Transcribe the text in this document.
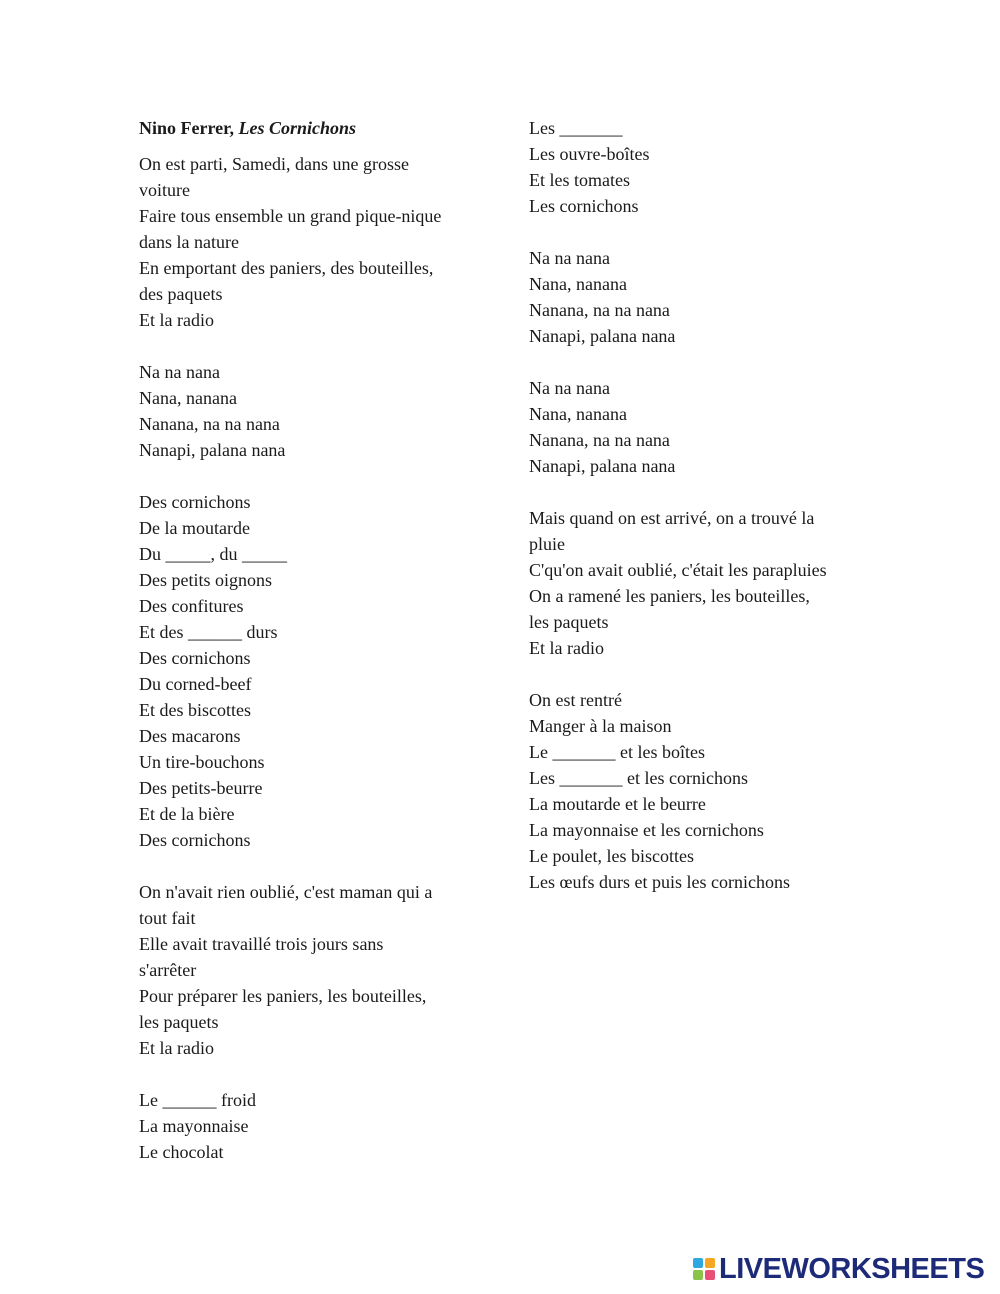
Nino Ferrer, Les Cornichons
On est parti, Samedi, dans une grosse
voiture
Faire tous ensemble un grand pique-nique
dans la nature
En emportant des paniers, des bouteilles,
des paquets
Et la radio
Na na nana
Nana, nanana
Nanana, na na nana
Nanapi, palana nana
Des cornichons
De la moutarde
Du _____, du _____
Des petits oignons
Des confitures
Et des ______ durs
Des cornichons
Du corned-beef
Et des biscottes
Des macarons
Un tire-bouchons
Des petits-beurre
Et de la bière
Des cornichons
On n'avait rien oublié, c'est maman qui a
tout fait
Elle avait travaillé trois jours sans
s'arrêter
Pour préparer les paniers, les bouteilles,
les paquets
Et la radio
Le ______ froid
La mayonnaise
Le chocolat
Les _______
Les ouvre-boîtes
Et les tomates
Les cornichons
Na na nana
Nana, nanana
Nanana, na na nana
Nanapi, palana nana
Na na nana
Nana, nanana
Nanana, na na nana
Nanapi, palana nana
Mais quand on est arrivé, on a trouvé la
pluie
C'qu'on avait oublié, c'était les parapluies
On a ramené les paniers, les bouteilles,
les paquets
Et la radio
On est rentré
Manger à la maison
Le _______ et les boîtes
Les _______ et les cornichons
La moutarde et le beurre
La mayonnaise et les cornichons
Le poulet, les biscottes
Les œufs durs et puis les cornichons
LIVEWORKSHEETS
